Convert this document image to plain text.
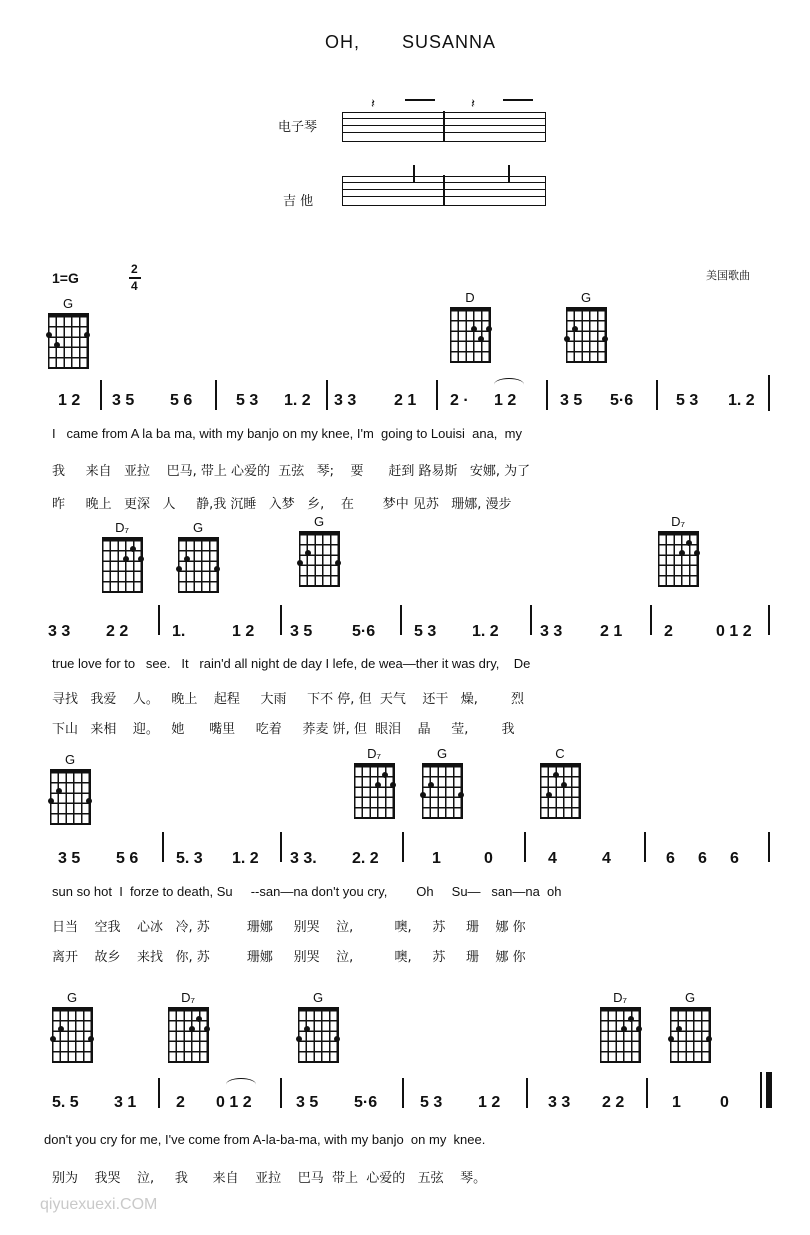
OH,       SUSANNA
电子琴
𝄽	𝄽
吉 他
1=G
2
4
美国歌曲
G	D	G
1 2 3 5 5 6	5 3 1. 2 3 3 2 1 2 · 1 2	3 5 5·6	5 3 1. 2
I   came from A la ba ma, with my banjo on my knee, I'm  going to Louisi  ana,  my
我     来自   亚拉    巴马, 带上 心爱的  五弦   琴;    要      赶到 路易斯   安娜, 为了
昨     晚上   更深   人     静,我 沉睡   入梦   乡,    在       梦中 见苏   珊娜, 漫步
D₇	G	G	D₇
3 3 2 2	1.	1 2 3 5 5·6 5 3 1. 2	3 3 2 1	2	0 1 2
true love for to   see.   It   rain'd all night de day I lefe, de wea—ther it was dry,    De
寻找   我爱    人。   晚上    起程     大雨     下不 停, 但  天气    还干   燥,        烈
下山   来相    迎。   她      嘴里     吃着     荞麦 饼, 但  眼泪    晶     莹,        我
G	D₇	G	C
3 5 5 6 5. 3 1. 2 3 3. 2. 2	1	0	4	4	6 6 6
sun so hot  I  forze to death, Su     --san—na don't you cry,        Oh     Su—   san—na  oh
日当    空我    心冰   冷, 苏         珊娜     别哭    泣,          噢,     苏     珊    娜 你
离开    故乡    来找   你, 苏         珊娜     别哭    泣,          噢,     苏     珊    娜 你
G	D₇	G	D₇	G
5. 5 3 1 2 0 1 2	3 5 5·6	5 3 1 2	3 3 2 2	1 0
don't you cry for me, I've come from A-la-ba-ma, with my banjo  on my  knee.
别为    我哭    泣,     我      来自    亚拉    巴马  带上  心爱的   五弦    琴。
qiyuexuexi.COM
